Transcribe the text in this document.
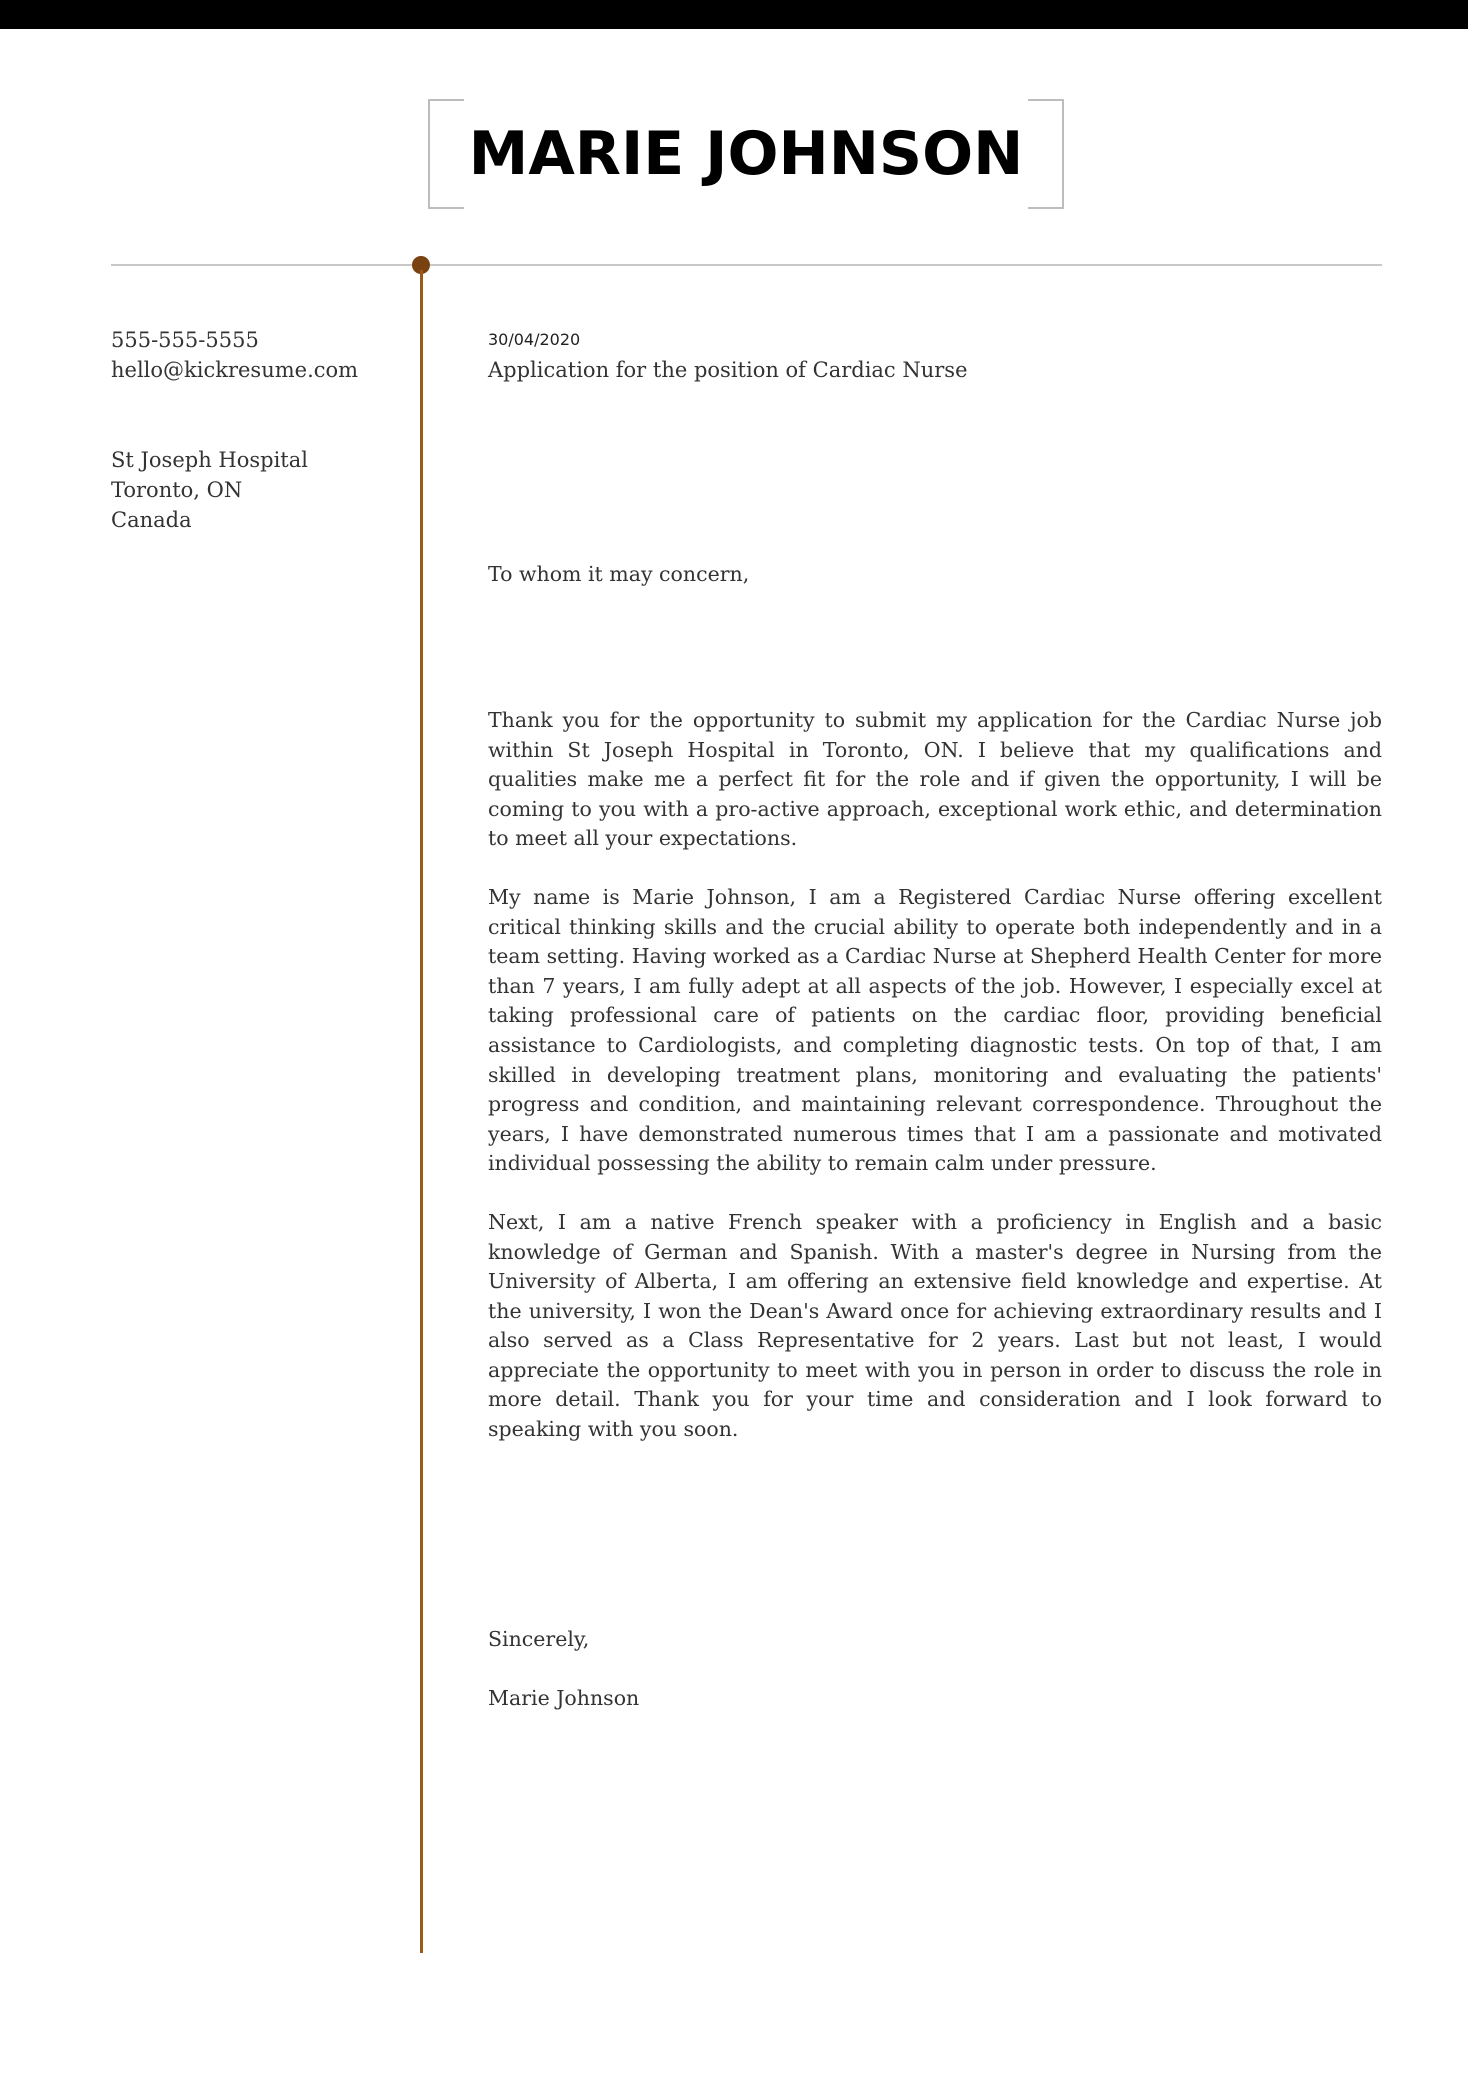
MARIE JOHNSON
555-555-5555
hello@kickresume.com
St Joseph Hospital
Toronto, ON
Canada
30/04/2020
Application for the position of Cardiac Nurse
To whom it may concern,

Thank you for the opportunity to submit my application for the Cardiac Nurse job within St Joseph Hospital in Toronto, ON. I believe that my qualifications and qualities make me a perfect fit for the role and if given the opportunity, I will be coming to you with a pro-active approach, exceptional work ethic, and determination to meet all your expectations.

My name is Marie Johnson, I am a Registered Cardiac Nurse offering excellent critical thinking skills and the crucial ability to operate both independently and in a team setting. Having worked as a Cardiac Nurse at Shepherd Health Center for more than 7 years, I am fully adept at all aspects of the job. However, I especially excel at taking professional care of patients on the cardiac floor, providing beneficial assistance to Cardiologists, and completing diagnostic tests. On top of that, I am skilled in developing treatment plans, monitoring and evaluating the patients' progress and condition, and maintaining relevant correspondence. Throughout the years, I have demonstrated numerous times that I am a passionate and motivated individual possessing the ability to remain calm under pressure.

Next, I am a native French speaker with a proficiency in English and a basic knowledge of German and Spanish. With a master's degree in Nursing from the University of Alberta, I am offering an extensive field knowledge and expertise. At the university, I won the Dean's Award once for achieving extraordinary results and I also served as a Class Representative for 2 years. Last but not least, I would appreciate the opportunity to meet with you in person in order to discuss the role in more detail. Thank you for your time and consideration and I look forward to speaking with you soon.

Sincerely,
Marie Johnson
